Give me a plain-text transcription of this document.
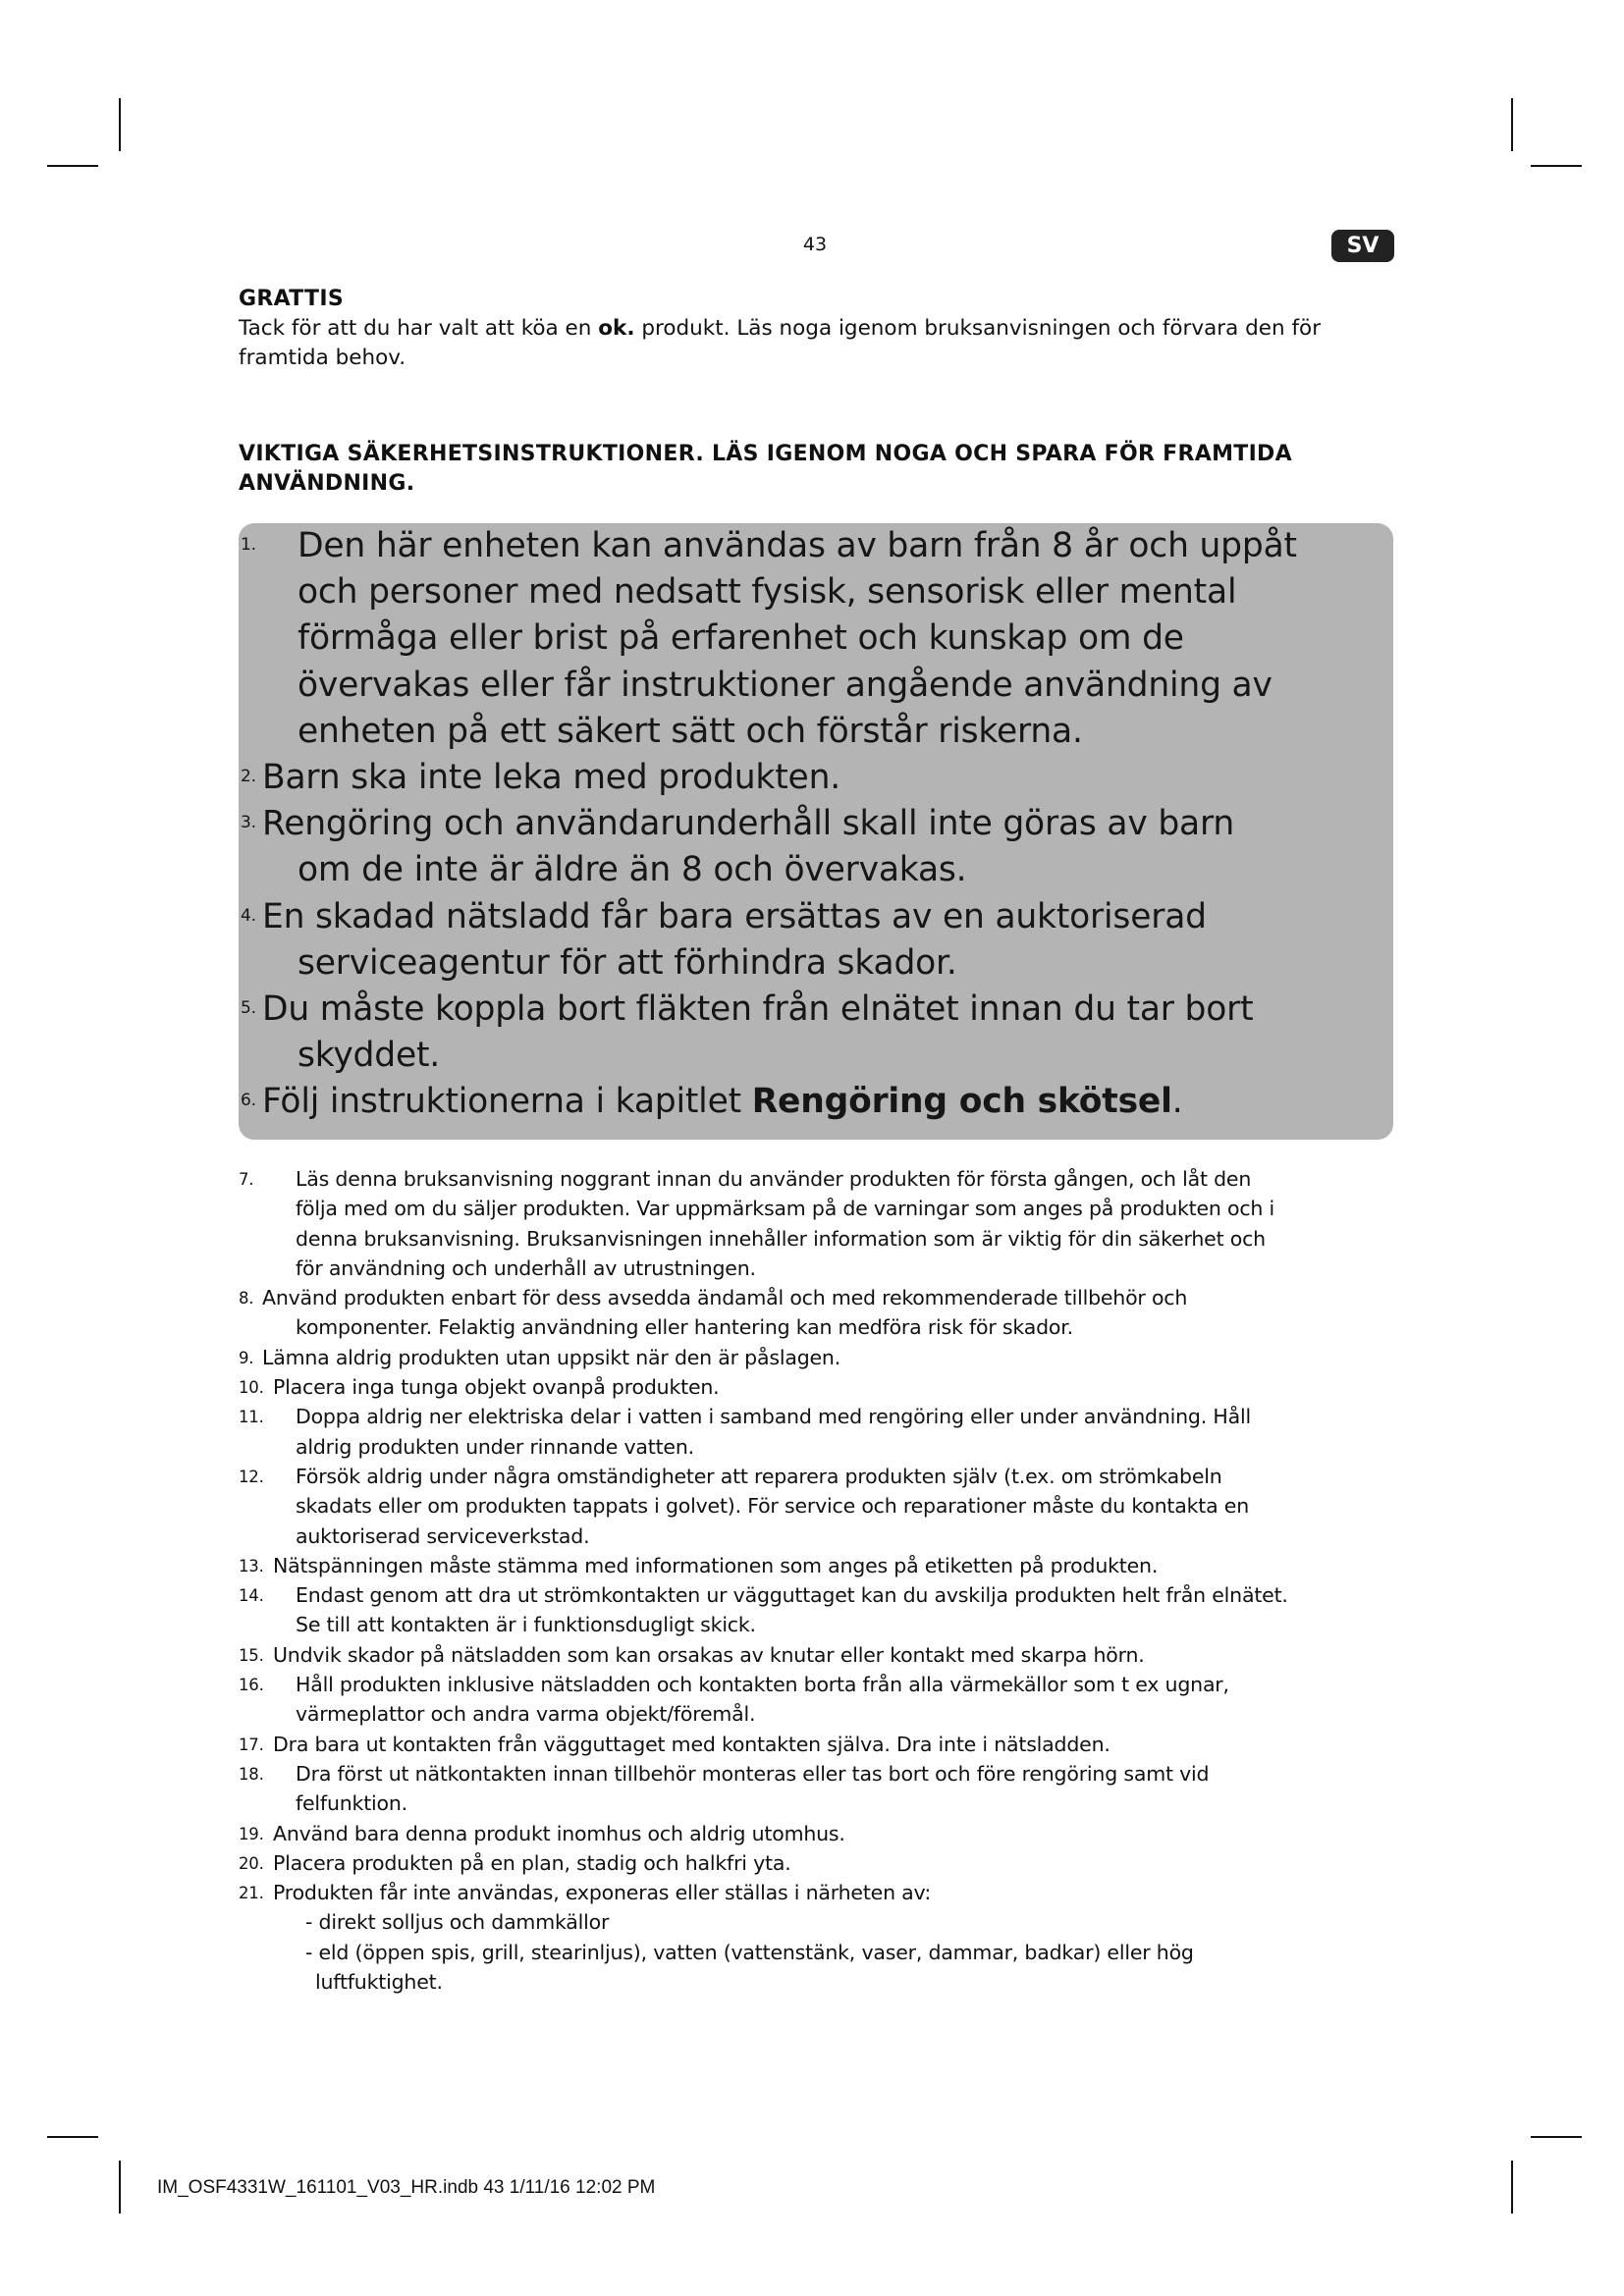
43	SV
GRATTIS
Tack för att du har valt att köa en ok. produkt. Läs noga igenom bruksanvisningen och förvara den för
framtida behov.
VIKTIGA SÄKERHETSINSTRUKTIONER. LÄS IGENOM NOGA OCH SPARA FÖR FRAMTIDA
ANVÄNDNING.
1. Den här enheten kan användas av barn från 8 år och uppåt
och personer med nedsatt fysisk, sensorisk eller mental
förmåga eller brist på erfarenhet och kunskap om de
övervakas eller får instruktioner angående användning av
enheten på ett säkert sätt och förstår riskerna.
2. Barn ska inte leka med produkten.
3. Rengöring och användarunderhåll skall inte göras av barn
om de inte är äldre än 8 och övervakas.
4. En skadad nätsladd får bara ersättas av en auktoriserad
serviceagentur för att förhindra skador.
5. Du måste koppla bort fläkten från elnätet innan du tar bort
skyddet.
6. Följ instruktionerna i kapitlet Rengöring och skötsel.
7. Läs denna bruksanvisning noggrant innan du använder produkten för första gången, och låt den
följa med om du säljer produkten. Var uppmärksam på de varningar som anges på produkten och i
denna bruksanvisning. Bruksanvisningen innehåller information som är viktig för din säkerhet och
för användning och underhåll av utrustningen.
8. Använd produkten enbart för dess avsedda ändamål och med rekommenderade tillbehör och
komponenter. Felaktig användning eller hantering kan medföra risk för skador.
9. Lämna aldrig produkten utan uppsikt när den är påslagen.
10. Placera inga tunga objekt ovanpå produkten.
11. Doppa aldrig ner elektriska delar i vatten i samband med rengöring eller under användning. Håll
aldrig produkten under rinnande vatten.
12. Försök aldrig under några omständigheter att reparera produkten själv (t.ex. om strömkabeln
skadats eller om produkten tappats i golvet). För service och reparationer måste du kontakta en
auktoriserad serviceverkstad.
13. Nätspänningen måste stämma med informationen som anges på etiketten på produkten.
14. Endast genom att dra ut strömkontakten ur vägguttaget kan du avskilja produkten helt från elnätet.
Se till att kontakten är i funktionsdugligt skick.
15. Undvik skador på nätsladden som kan orsakas av knutar eller kontakt med skarpa hörn.
16. Håll produkten inklusive nätsladden och kontakten borta från alla värmekällor som t ex ugnar,
värmeplattor och andra varma objekt/föremål.
17. Dra bara ut kontakten från vägguttaget med kontakten själva. Dra inte i nätsladden.
18. Dra först ut nätkontakten innan tillbehör monteras eller tas bort och före rengöring samt vid
felfunktion.
19. Använd bara denna produkt inomhus och aldrig utomhus.
20. Placera produkten på en plan, stadig och halkfri yta.
21. Produkten får inte användas, exponeras eller ställas i närheten av:
- direkt solljus och dammkällor
- eld (öppen spis, grill, stearinljus), vatten (vattenstänk, vaser, dammar, badkar) eller hög
luftfuktighet.
IM_OSF4331W_161101_V03_HR.indb 43 1/11/16 12:02 PM
